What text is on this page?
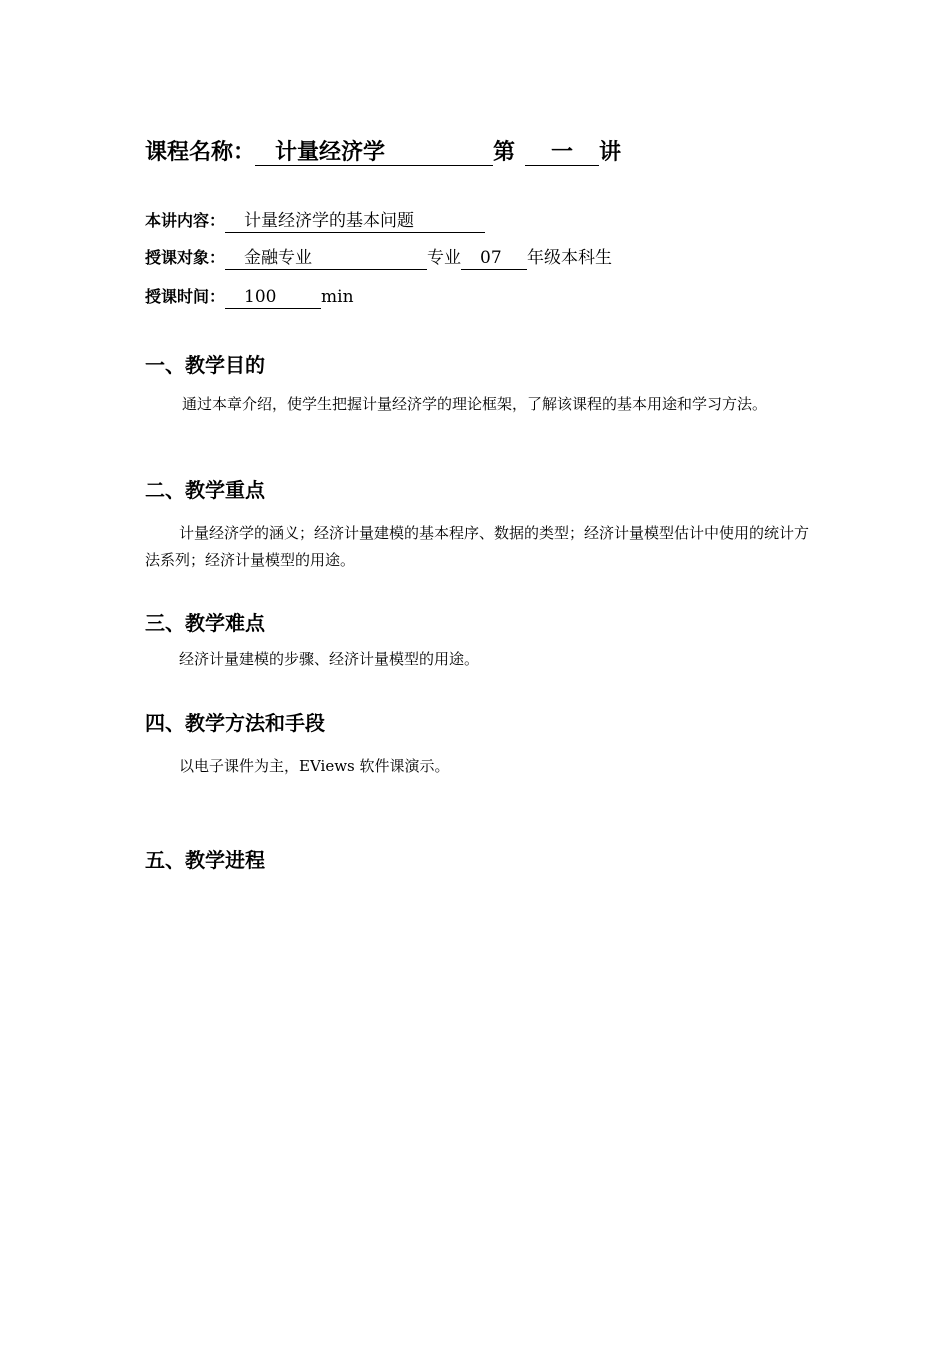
课程名称： 计量经济学	第 一 讲
本讲内容： 计量经济学的基本问题
授课对象： 金融专业	专业 07 年级本科生
授课时间： 100	min
一、教学目的
通过本章介绍，使学生把握计量经济学的理论框架，了解该课程的基本用途和学习方法。
二、教学重点
计量经济学的涵义；经济计量建模的基本程序、数据的类型；经济计量模型估计中使用的统计方法系列；经济计量模型的用途。
三、教学难点
经济计量建模的步骤、经济计量模型的用途。
四、教学方法和手段
以电子课件为主，EViews 软件课演示。
五、教学进程
